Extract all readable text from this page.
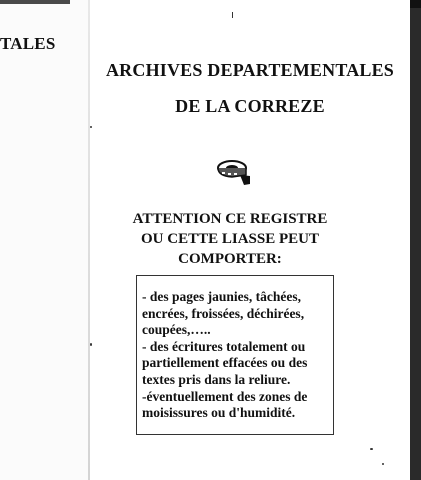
TALES
ARCHIVES DEPARTEMENTALES
DE LA CORREZE
ATTENTION CE REGISTRE
OU CETTE LIASSE PEUT
COMPORTER:
- des pages jaunies, tâchées,
encrées, froissées, déchirées,
coupées,…..
- des écritures totalement ou
partiellement effacées ou des
textes pris dans la reliure.
-éventuellement des zones de
moisissures ou d'humidité.
